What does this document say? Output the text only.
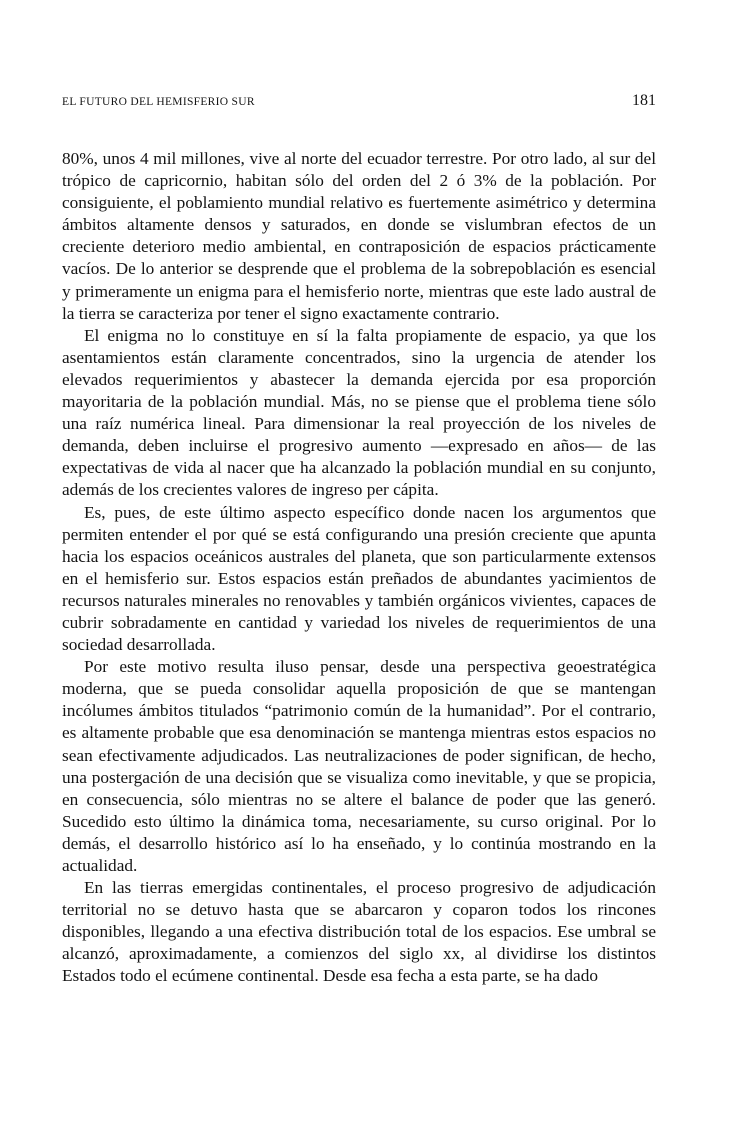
EL FUTURO DEL HEMISFERIO SUR	181

80%, unos 4 mil millones, vive al norte del ecuador terrestre. Por otro lado, al sur del trópico de capricornio, habitan sólo del orden del 2 ó 3% de la población. Por consiguiente, el poblamiento mundial relativo es fuertemente asimétrico y determina ámbitos altamente densos y saturados, en donde se vislumbran efectos de un creciente deterioro medio ambiental, en contraposición de espacios prácticamente vacíos. De lo anterior se desprende que el problema de la sobrepoblación es esencial y primeramente un enigma para el hemisferio norte, mientras que este lado austral de la tierra se caracteriza por tener el signo exactamente contrario.

El enigma no lo constituye en sí la falta propiamente de espacio, ya que los asentamientos están claramente concentrados, sino la urgencia de atender los elevados requerimientos y abastecer la demanda ejercida por esa proporción mayoritaria de la población mundial. Más, no se piense que el problema tiene sólo una raíz numérica lineal. Para dimensionar la real proyección de los niveles de demanda, deben incluirse el progresivo aumento —expresado en años— de las expectativas de vida al nacer que ha alcanzado la población mundial en su conjunto, además de los crecientes valores de ingreso per cápita.

Es, pues, de este último aspecto específico donde nacen los argumentos que permiten entender el por qué se está configurando una presión creciente que apunta hacia los espacios oceánicos australes del planeta, que son particularmente extensos en el hemisferio sur. Estos espacios están preñados de abundantes yacimientos de recursos naturales minerales no renovables y también orgánicos vivientes, capaces de cubrir sobradamente en cantidad y variedad los niveles de requerimientos de una sociedad desarrollada.

Por este motivo resulta iluso pensar, desde una perspectiva geoestratégica moderna, que se pueda consolidar aquella proposición de que se mantengan incólumes ámbitos titulados “patrimonio común de la humanidad”. Por el contrario, es altamente probable que esa denominación se mantenga mientras estos espacios no sean efectivamente adjudicados. Las neutralizaciones de poder significan, de hecho, una postergación de una decisión que se visualiza como inevitable, y que se propicia, en consecuencia, sólo mientras no se altere el balance de poder que las generó. Sucedido esto último la dinámica toma, necesariamente, su curso original. Por lo demás, el desarrollo histórico así lo ha enseñado, y lo continúa mostrando en la actualidad.

En las tierras emergidas continentales, el proceso progresivo de adjudicación territorial no se detuvo hasta que se abarcaron y coparon todos los rincones disponibles, llegando a una efectiva distribución total de los espacios. Ese umbral se alcanzó, aproximadamente, a comienzos del siglo xx, al dividirse los distintos Estados todo el ecúmene continental. Desde esa fecha a esta parte, se ha dado
